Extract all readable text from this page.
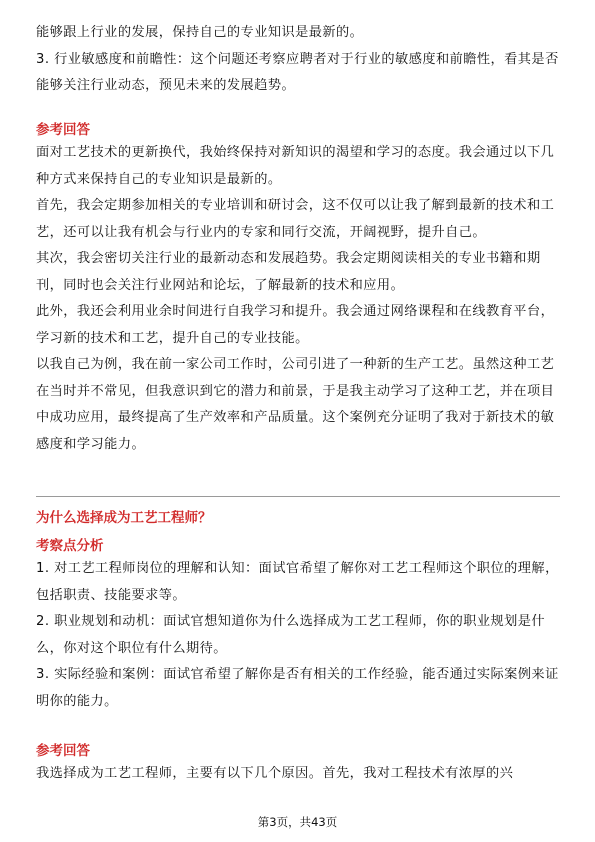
能够跟上行业的发展，保持自己的专业知识是最新的。

3. 行业敏感度和前瞻性：这个问题还考察应聘者对于行业的敏感度和前瞻性，看其是否能够关注行业动态，预见未来的发展趋势。

参考回答

面对工艺技术的更新换代，我始终保持对新知识的渴望和学习的态度。我会通过以下几种方式来保持自己的专业知识是最新的。

首先，我会定期参加相关的专业培训和研讨会，这不仅可以让我了解到最新的技术和工艺，还可以让我有机会与行业内的专家和同行交流，开阔视野，提升自己。

其次，我会密切关注行业的最新动态和发展趋势。我会定期阅读相关的专业书籍和期刊，同时也会关注行业网站和论坛，了解最新的技术和应用。

此外，我还会利用业余时间进行自我学习和提升。我会通过网络课程和在线教育平台，学习新的技术和工艺，提升自己的专业技能。

以我自己为例，我在前一家公司工作时，公司引进了一种新的生产工艺。虽然这种工艺在当时并不常见，但我意识到它的潜力和前景，于是我主动学习了这种工艺，并在项目中成功应用，最终提高了生产效率和产品质量。这个案例充分证明了我对于新技术的敏感度和学习能力。

为什么选择成为工艺工程师？

考察点分析

1. 对工艺工程师岗位的理解和认知：面试官希望了解你对工艺工程师这个职位的理解，包括职责、技能要求等。

2. 职业规划和动机：面试官想知道你为什么选择成为工艺工程师，你的职业规划是什么，你对这个职位有什么期待。

3. 实际经验和案例：面试官希望了解你是否有相关的工作经验，能否通过实际案例来证明你的能力。

参考回答

我选择成为工艺工程师，主要有以下几个原因。首先，我对工程技术有浓厚的兴

第3页，共43页
